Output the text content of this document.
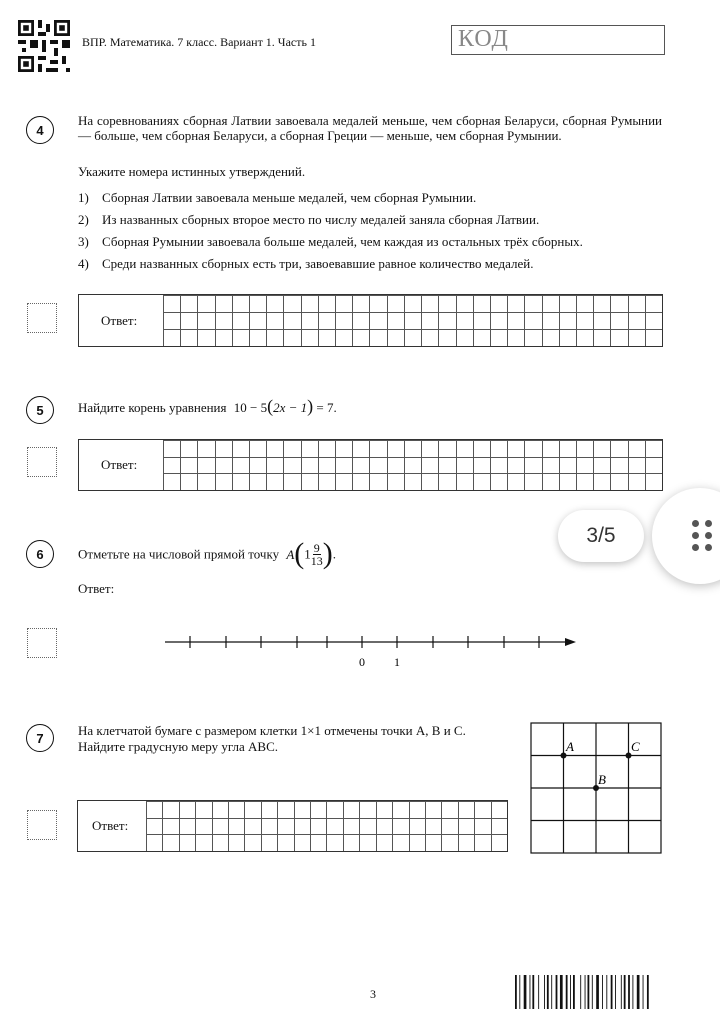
ВПР. Математика. 7 класс. Вариант 1. Часть 1	КОД
4
На соревнованиях сборная Латвии завоевала медалей меньше, чем сборная Беларуси, сборная Румынии — больше, чем сборная Беларуси, а сборная Греции — меньше, чем сборная Румынии.
Укажите номера истинных утверждений.
1) Сборная Латвии завоевала меньше медалей, чем сборная Румынии.
2) Из названных сборных второе место по числу медалей заняла сборная Латвии.
3) Сборная Румынии завоевала больше медалей, чем каждая из остальных трёх сборных.
4) Среди названных сборных есть три, завоевавшие равное количество медалей.
Ответ:
5	Найдите корень уравнения 10 − 5(2x − 1) = 7.
Ответ:
6	Отметьте на числовой прямой точку $A(1 \frac{9}{13}$ ).
Ответ:
0 1
7	На клетчатой бумаге с размером клетки 1×1 отмечены точки A, B и C.
Найдите градусную меру угла ABC.	A	C
B
Ответ:
3/5
3
